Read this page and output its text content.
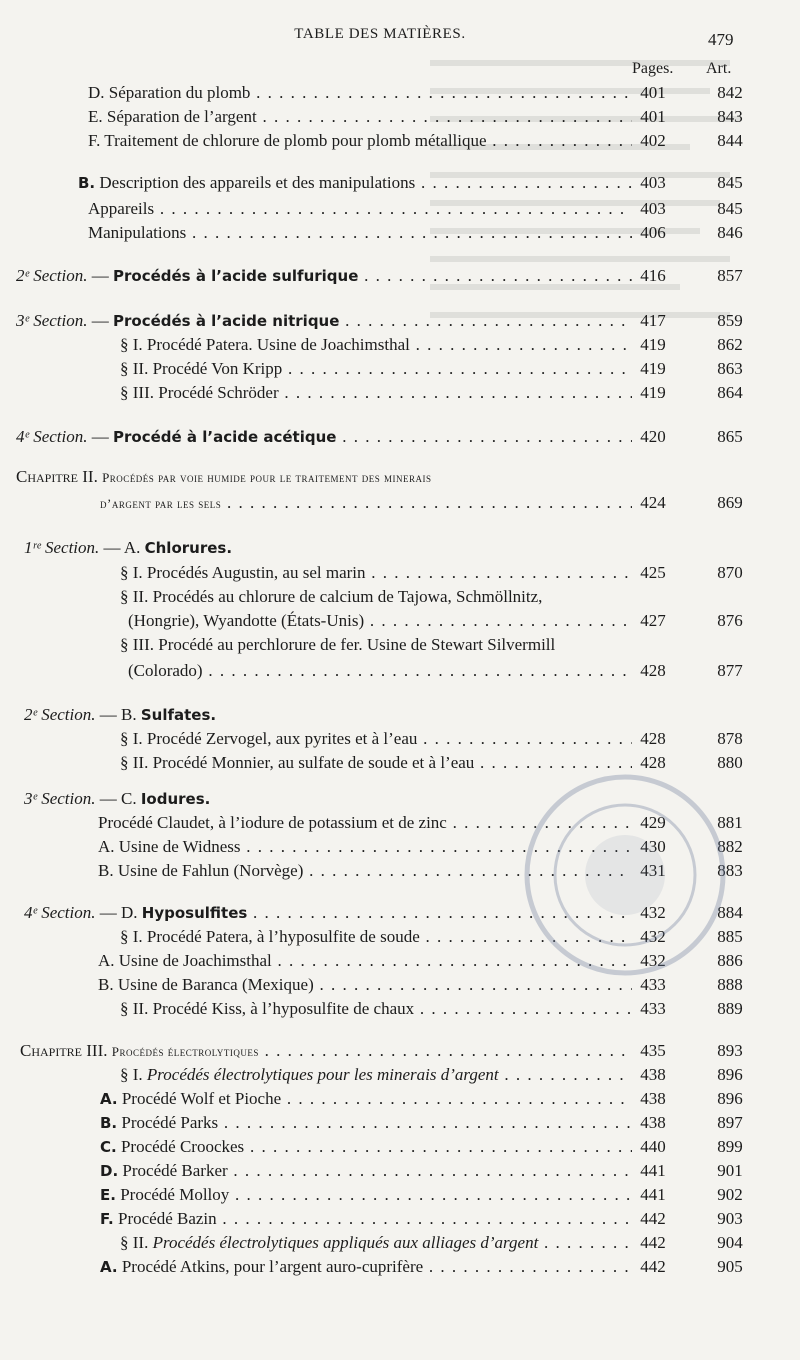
TABLE DES MATIÈRES.	479
Pages. Art.
D. Séparation du plomb . . .	401	842
E. Séparation de l’argent . . .	401	843
F. Traitement de chlorure de plomb pour plomb métallique . . .	402	844
B. Description des appareils et des manipulations . . .	403	845
Appareils . . .	403	845
Manipulations . . .	406	846
2ᵉ Section. — Procédés à l’acide sulfurique . . .	416	857
3ᵉ Section. — Procédés à l’acide nitrique . . .	417	859
§ I. Procédé Patera. Usine de Joachimsthal . . .	419	862
§ II. Procédé Von Kripp . . .	419	863
§ III. Procédé Schröder . . .	419	864
4ᵉ Section. — Procédé à l’acide acétique . . .	420	865
Chapitre II. Procédés par voie humide pour le traitement des minerais
d’argent par les sels . . .	424	869
1ʳᵉ Section. — A. Chlorures.
§ I. Procédés Augustin, au sel marin . . .	425	870
§ II. Procédés au chlorure de calcium de Tajowa, Schmöllnitz,
(Hongrie), Wyandotte (États-Unis) . . .	427	876
§ III. Procédé au perchlorure de fer. Usine de Stewart Silvermill
(Colorado) . . .	428	877
2ᵉ Section. — B. Sulfates.
§ I. Procédé Zervogel, aux pyrites et à l’eau . . .	428	878
§ II. Procédé Monnier, au sulfate de soude et à l’eau . . .	428	880
3ᵉ Section. — C. Iodures.
Procédé Claudet, à l’iodure de potassium et de zinc . . .	429	881
A. Usine de Widness . . .	430	882
B. Usine de Fahlun (Norvège) . . .	431	883
4ᵉ Section. — D. Hyposulfites . . .	432	884
§ I. Procédé Patera, à l’hyposulfite de soude . . .	432	885
A. Usine de Joachimsthal . . .	432	886
B. Usine de Baranca (Mexique) . . .	433	888
§ II. Procédé Kiss, à l’hyposulfite de chaux . . .	433	889
Chapitre III. Procédés électrolytiques . . .	435	893
§ I. Procédés électrolytiques pour les minerais d’argent . . .	438	896
A. Procédé Wolf et Pioche . . .	438	896
B. Procédé Parks . . .	438	897
C. Procédé Croockes . . .	440	899
D. Procédé Barker . . .	441	901
E. Procédé Molloy . . .	441	902
F. Procédé Bazin . . .	442	903
§ II. Procédés électrolytiques appliqués aux alliages d’argent . . .	442	904
A. Procédé Atkins, pour l’argent auro-cuprifère . . .	442	905
